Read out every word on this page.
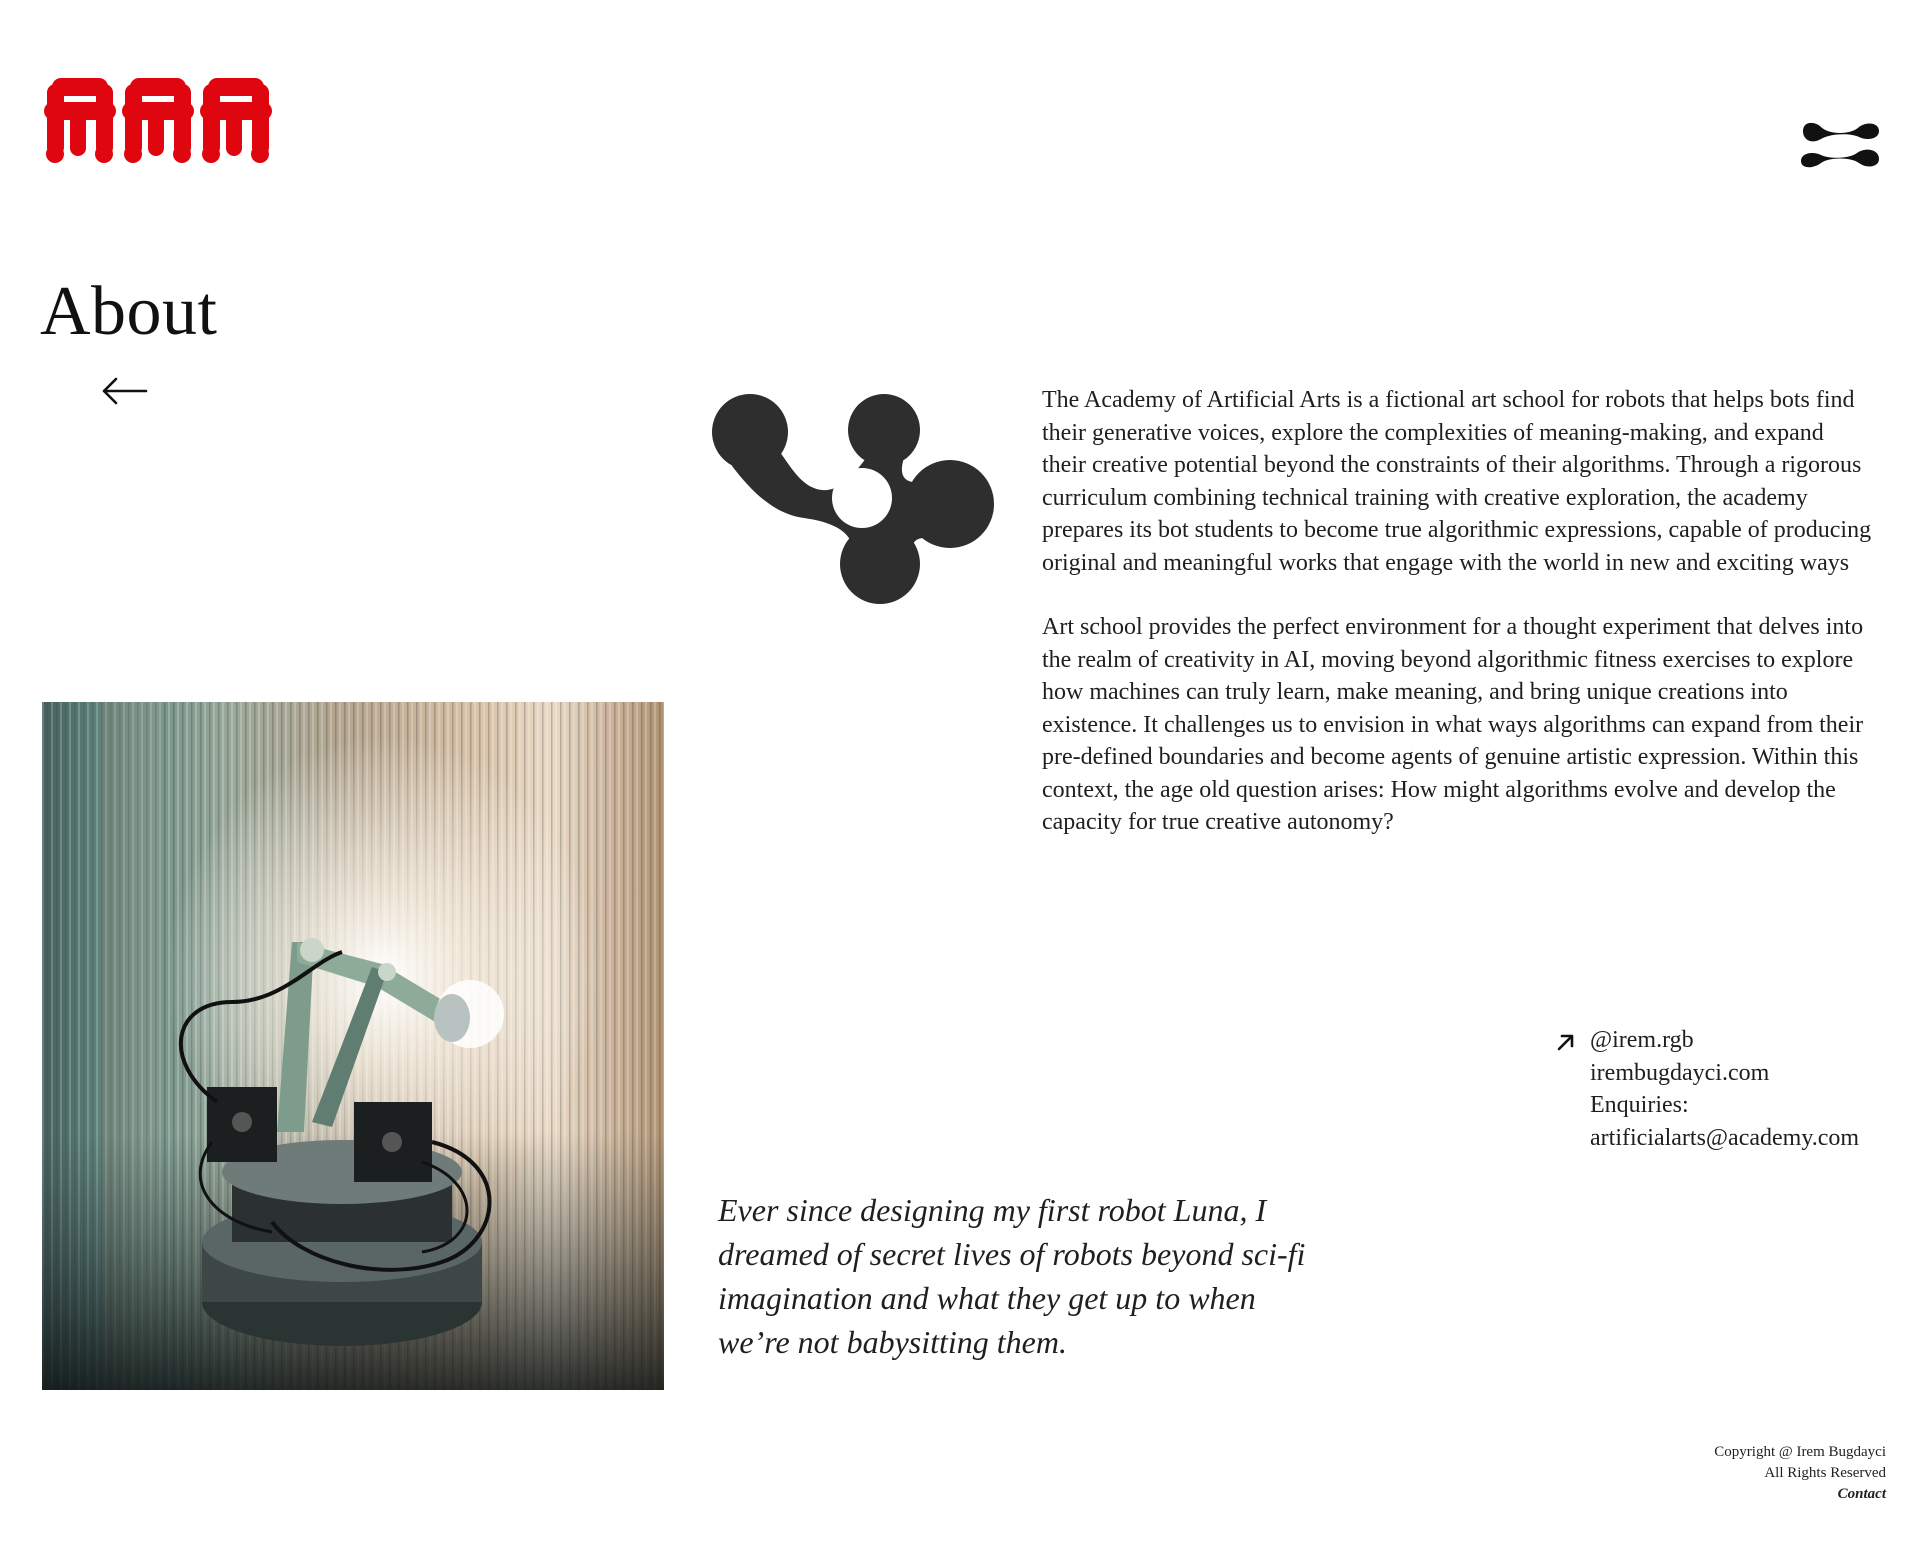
About

The Academy of Artificial Arts is a fictional art school for robots that helps bots find their generative voices, explore the complexities of meaning-making, and expand their creative potential beyond the constraints of their algorithms. Through a rigorous curriculum combining technical training with creative exploration, the academy prepares its bot students to become true algorithmic expressions, capable of producing original and meaningful works that engage with the world in new and exciting ways

Art school provides the perfect environment for a thought experiment that delves into the realm of creativity in AI, moving beyond algorithmic fitness exercises to explore how machines can truly learn, make meaning, and bring unique creations into existence. It challenges us to envision in what ways algorithms can expand from their pre-defined boundaries and become agents of genuine artistic expression. Within this context, the age old question arises: How might algorithms evolve and develop the capacity for true creative autonomy?

Ever since designing my first robot Luna, I dreamed of secret lives of robots beyond sci-fi imagination and what they get up to when we’re not babysitting them.

@irem.rgb
irembugdayci.com
Enquiries:
artificialarts@academy.com
Copyright @ Irem Bugdayci
All Rights Reserved
Contact
